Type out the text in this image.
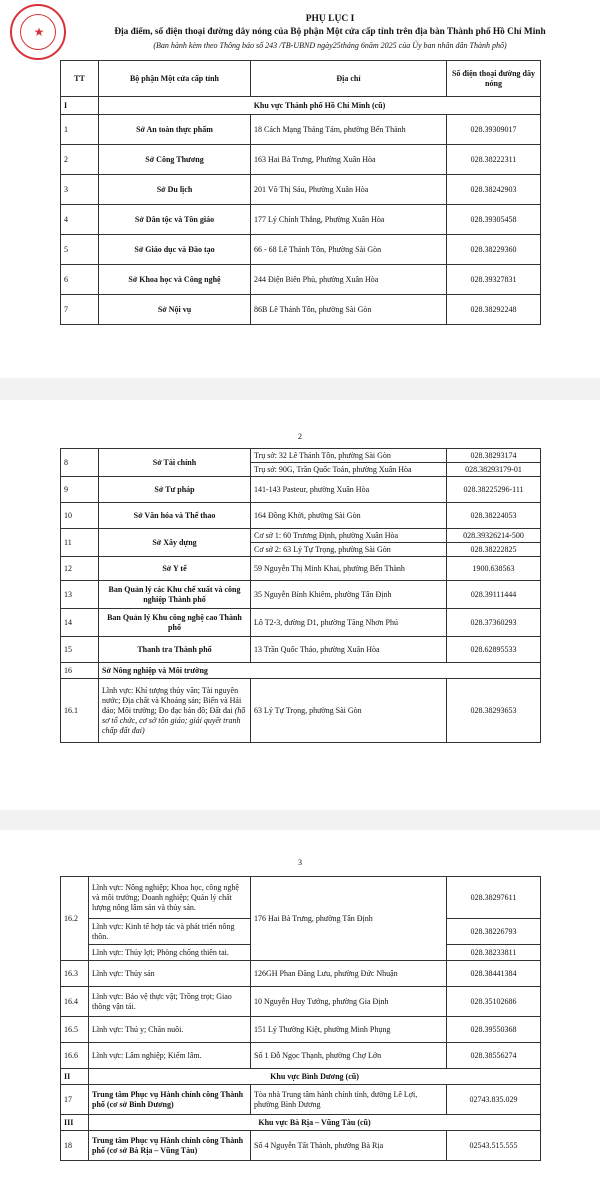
★
PHỤ LỤC I
Địa điểm, số điện thoại đường dây nóng của Bộ phận Một cửa cấp tỉnh trên địa bàn Thành phố Hồ Chí Minh
(Ban hành kèm theo Thông báo số 243 /TB-UBND ngày25tháng 6năm 2025 của Ủy ban nhân dân Thành phố)
TT	Bộ phận Một cửa cấp tỉnh	Địa chỉ	Số điện thoại đường dây nóng
I	Khu vực Thành phố Hồ Chí Minh (cũ)		
1	Sở An toàn thực phẩm	18 Cách Mạng Tháng Tám, phường Bến Thành	028.39309017
2	Sở Công Thương	163 Hai Bà Trưng, Phường Xuân Hòa	028.38222311
3	Sở Du lịch	201 Võ Thị Sáu, Phường Xuân Hòa	028.38242903
4	Sở Dân tộc và Tôn giáo	177 Lý Chính Thắng, Phường Xuân Hòa	028.39305458
5	Sở Giáo dục và Đào tạo	66 - 68 Lê Thánh Tôn, Phường Sài Gòn	028.38229360
6	Sở Khoa học và Công nghệ	244 Điện Biên Phủ, phường Xuân Hòa	028.39327831
7	Sở Nội vụ	86B Lê Thánh Tôn, phường Sài Gòn	028.38292248
2
8	Sở Tài chính	Trụ sở: 32 Lê Thánh Tôn, phường Sài Gòn	028.38293174
		Trụ sở: 90G, Trần Quốc Toản, phường Xuân Hòa	028.38293179-01
9	Sở Tư pháp	141-143 Pasteur, phường Xuân Hòa	028.38225296-111
10	Sở Văn hóa và Thể thao	164 Đồng Khởi, phường Sài Gòn	028.38224053
11	Sở Xây dựng	Cơ sở 1: 60 Trương Định, phường Xuân Hòa	028.39326214-500
		Cơ sở 2: 63 Lý Tự Trọng, phường Sài Gòn	028.38222825
12	Sở Y tế	59 Nguyễn Thị Minh Khai, phường Bến Thành	1900.638563
13	Ban Quản lý các Khu chế xuất và công nghiệp Thành phố	35 Nguyễn Bỉnh Khiêm, phường Tân Định	028.39111444
14	Ban Quản lý Khu công nghệ cao Thành phố	Lô T2-3, đường D1, phường Tăng Nhơn Phú	028.37360293
15	Thanh tra Thành phố	13 Trần Quốc Thảo, phường Xuân Hòa	028.62895533
16	Sở Nông nghiệp và Môi trường		
16.1	Lĩnh vực: Khí tượng thủy văn; Tài nguyên nước; Địa chất và Khoáng sản; Biển và Hải đảo; Môi trường; Đo đạc bản đồ; Đất đai (hồ sơ tổ chức, cơ sở tôn giáo; giải quyết tranh chấp đất đai)	63 Lý Tự Trọng, phường Sài Gòn	028.38293653
3
16.2	Lĩnh vực: Nông nghiệp; Khoa học, công nghệ và môi trường; Doanh nghiệp; Quản lý chất lượng nông lâm sản và thủy sản.	176 Hai Bà Trưng, phường Tân Định	028.38297611
	Lĩnh vực: Kinh tế hợp tác và phát triển nông thôn.		028.38226793
	Lĩnh vực: Thủy lợi; Phòng chống thiên tai.		028.38233811
16.3	Lĩnh vực: Thủy sản	126GH Phan Đăng Lưu, phường Đức Nhuận	028.38441384
16.4	Lĩnh vực: Bảo vệ thực vật; Trồng trọt; Giao thông vận tải.	10 Nguyễn Huy Tưởng, phường Gia Định	028.35102686
16.5	Lĩnh vực: Thú y; Chăn nuôi.	151 Lý Thường Kiệt, phường Minh Phụng	028.39550368
16.6	Lĩnh vực: Lâm nghiệp; Kiểm lâm.	Số 1 Đỗ Ngọc Thạnh, phường Chợ Lớn	028.38556274
II	Khu vực Bình Dương (cũ)		
17	Trung tâm Phục vụ Hành chính công Thành phố (cơ sở Bình Dương)	Tòa nhà Trung tâm hành chính tỉnh, đường Lê Lợi, phường Bình Dương	02743.835.029
III	Khu vực Bà Rịa – Vũng Tàu (cũ)		
18	Trung tâm Phục vụ Hành chính công Thành phố (cơ sở Bà Rịa – Vũng Tàu)	Số 4 Nguyễn Tất Thành, phường Bà Rịa	02543.515.555
